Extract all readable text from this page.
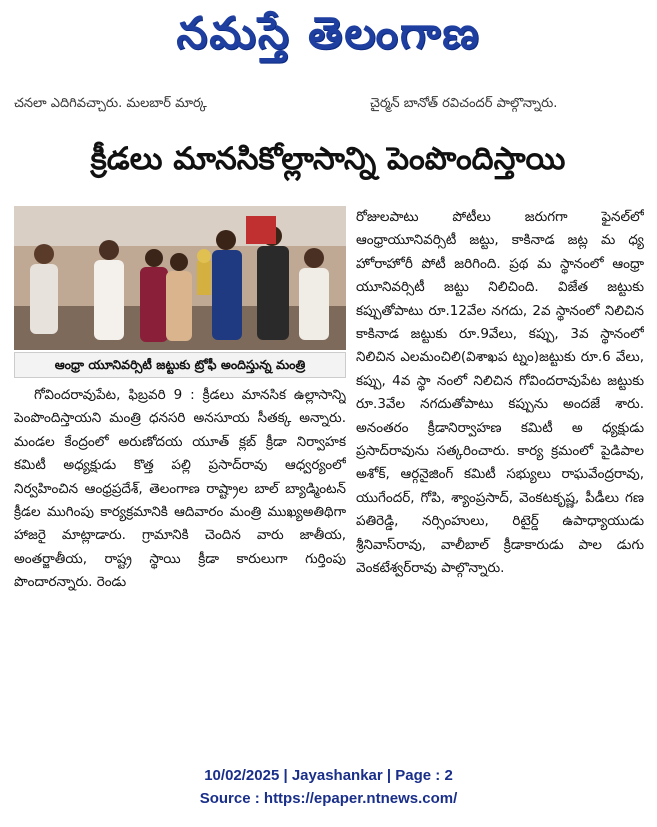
నమస్తే తెలంగాణ
చనలా ఎదిగివచ్చారు. మలబార్ మార్క	చైర్మన్ బానోత్ రవిచందర్ పాల్గొన్నారు.
క్రీడలు మానసికోల్లాసాన్ని పెంపొందిస్తాయి
ఆంధ్రా యూనివర్సిటీ జట్టుకు ట్రోఫీ అందిస్తున్న మంత్రి
గోవిందరావుపేట, ఫిబ్రవరి 9 : క్రీడలు మానసిక ఉల్లాసాన్ని పెంపొందిస్తాయని మంత్రి ధనసరి అనసూయ సీతక్క అన్నారు. మండల కేంద్రంలో అరుణోదయ యూత్ క్లబ్ క్రీడా నిర్వాహక కమిటీ అధ్యక్షుడు కొత్త పల్లి ప్రసాద్‌రావు ఆధ్వర్యంలో నిర్వహించిన ఆంధ్రప్రదేశ్, తెలంగాణ రాష్ట్రాల బాల్ బ్యాడ్మింటన్ క్రీడల ముగింపు కార్యక్రమానికి ఆదివారం మంత్రి ముఖ్యఅతిథిగా హాజరై మాట్లాడారు. గ్రామానికి చెందిన వారు జాతీయ, అంతర్జాతీయ, రాష్ట్ర స్థాయి క్రీడా కారులుగా గుర్తింపు పొందారన్నారు. రెండు
రోజులపాటు పోటీలు జరుగగా ఫైనల్‌లో ఆంధ్రాయూనివర్సిటీ జట్టు, కాకినాడ జట్ల మ ధ్య హోరాహోరీ పోటీ జరిగింది. ప్రథ మ స్థానంలో ఆంధ్రా యూనివర్సిటీ జట్టు నిలిచింది. విజేత జట్టుకు కప్పుతోపాటు రూ.12వేల నగదు, 2వ స్థానంలో నిలిచిన కాకినాడ జట్టుకు రూ.9వేలు, కప్పు, 3వ స్థానంలో నిలిచిన ఎలమంచిలి(విశాఖప ట్నం)జట్టుకు రూ.6 వేలు, కప్పు, 4వ స్థా నంలో నిలిచిన గోవిందరావుపేట జట్టుకు రూ.3వేల నగదుతోపాటు కప్పును అందజే శారు. అనంతరం క్రీడానిర్వాహణ కమిటీ అ ధ్యక్షుడు ప్రసాద్‌రావును సత్కరించారు. కార్య క్రమంలో పైడిపాల అశోక్, ఆర్గనైజింగ్ కమిటీ సభ్యులు రాఘవేంద్రరావు, యుగేందర్, గోపి, శ్యాంప్రసాద్, వెంకటకృష్ణ, పీడీలు గణ పతిరెడ్డి, నర్సింహులు, రిటైర్డ్ ఉపాధ్యాయుడు శ్రీనివాస్‌రావు, వాలీబాల్ క్రీడాకారుడు పాల డుగు వెంకటేశ్వర్‌రావు పాల్గొన్నారు.
10/02/2025 | Jayashankar | Page : 2
Source : https://epaper.ntnews.com/
